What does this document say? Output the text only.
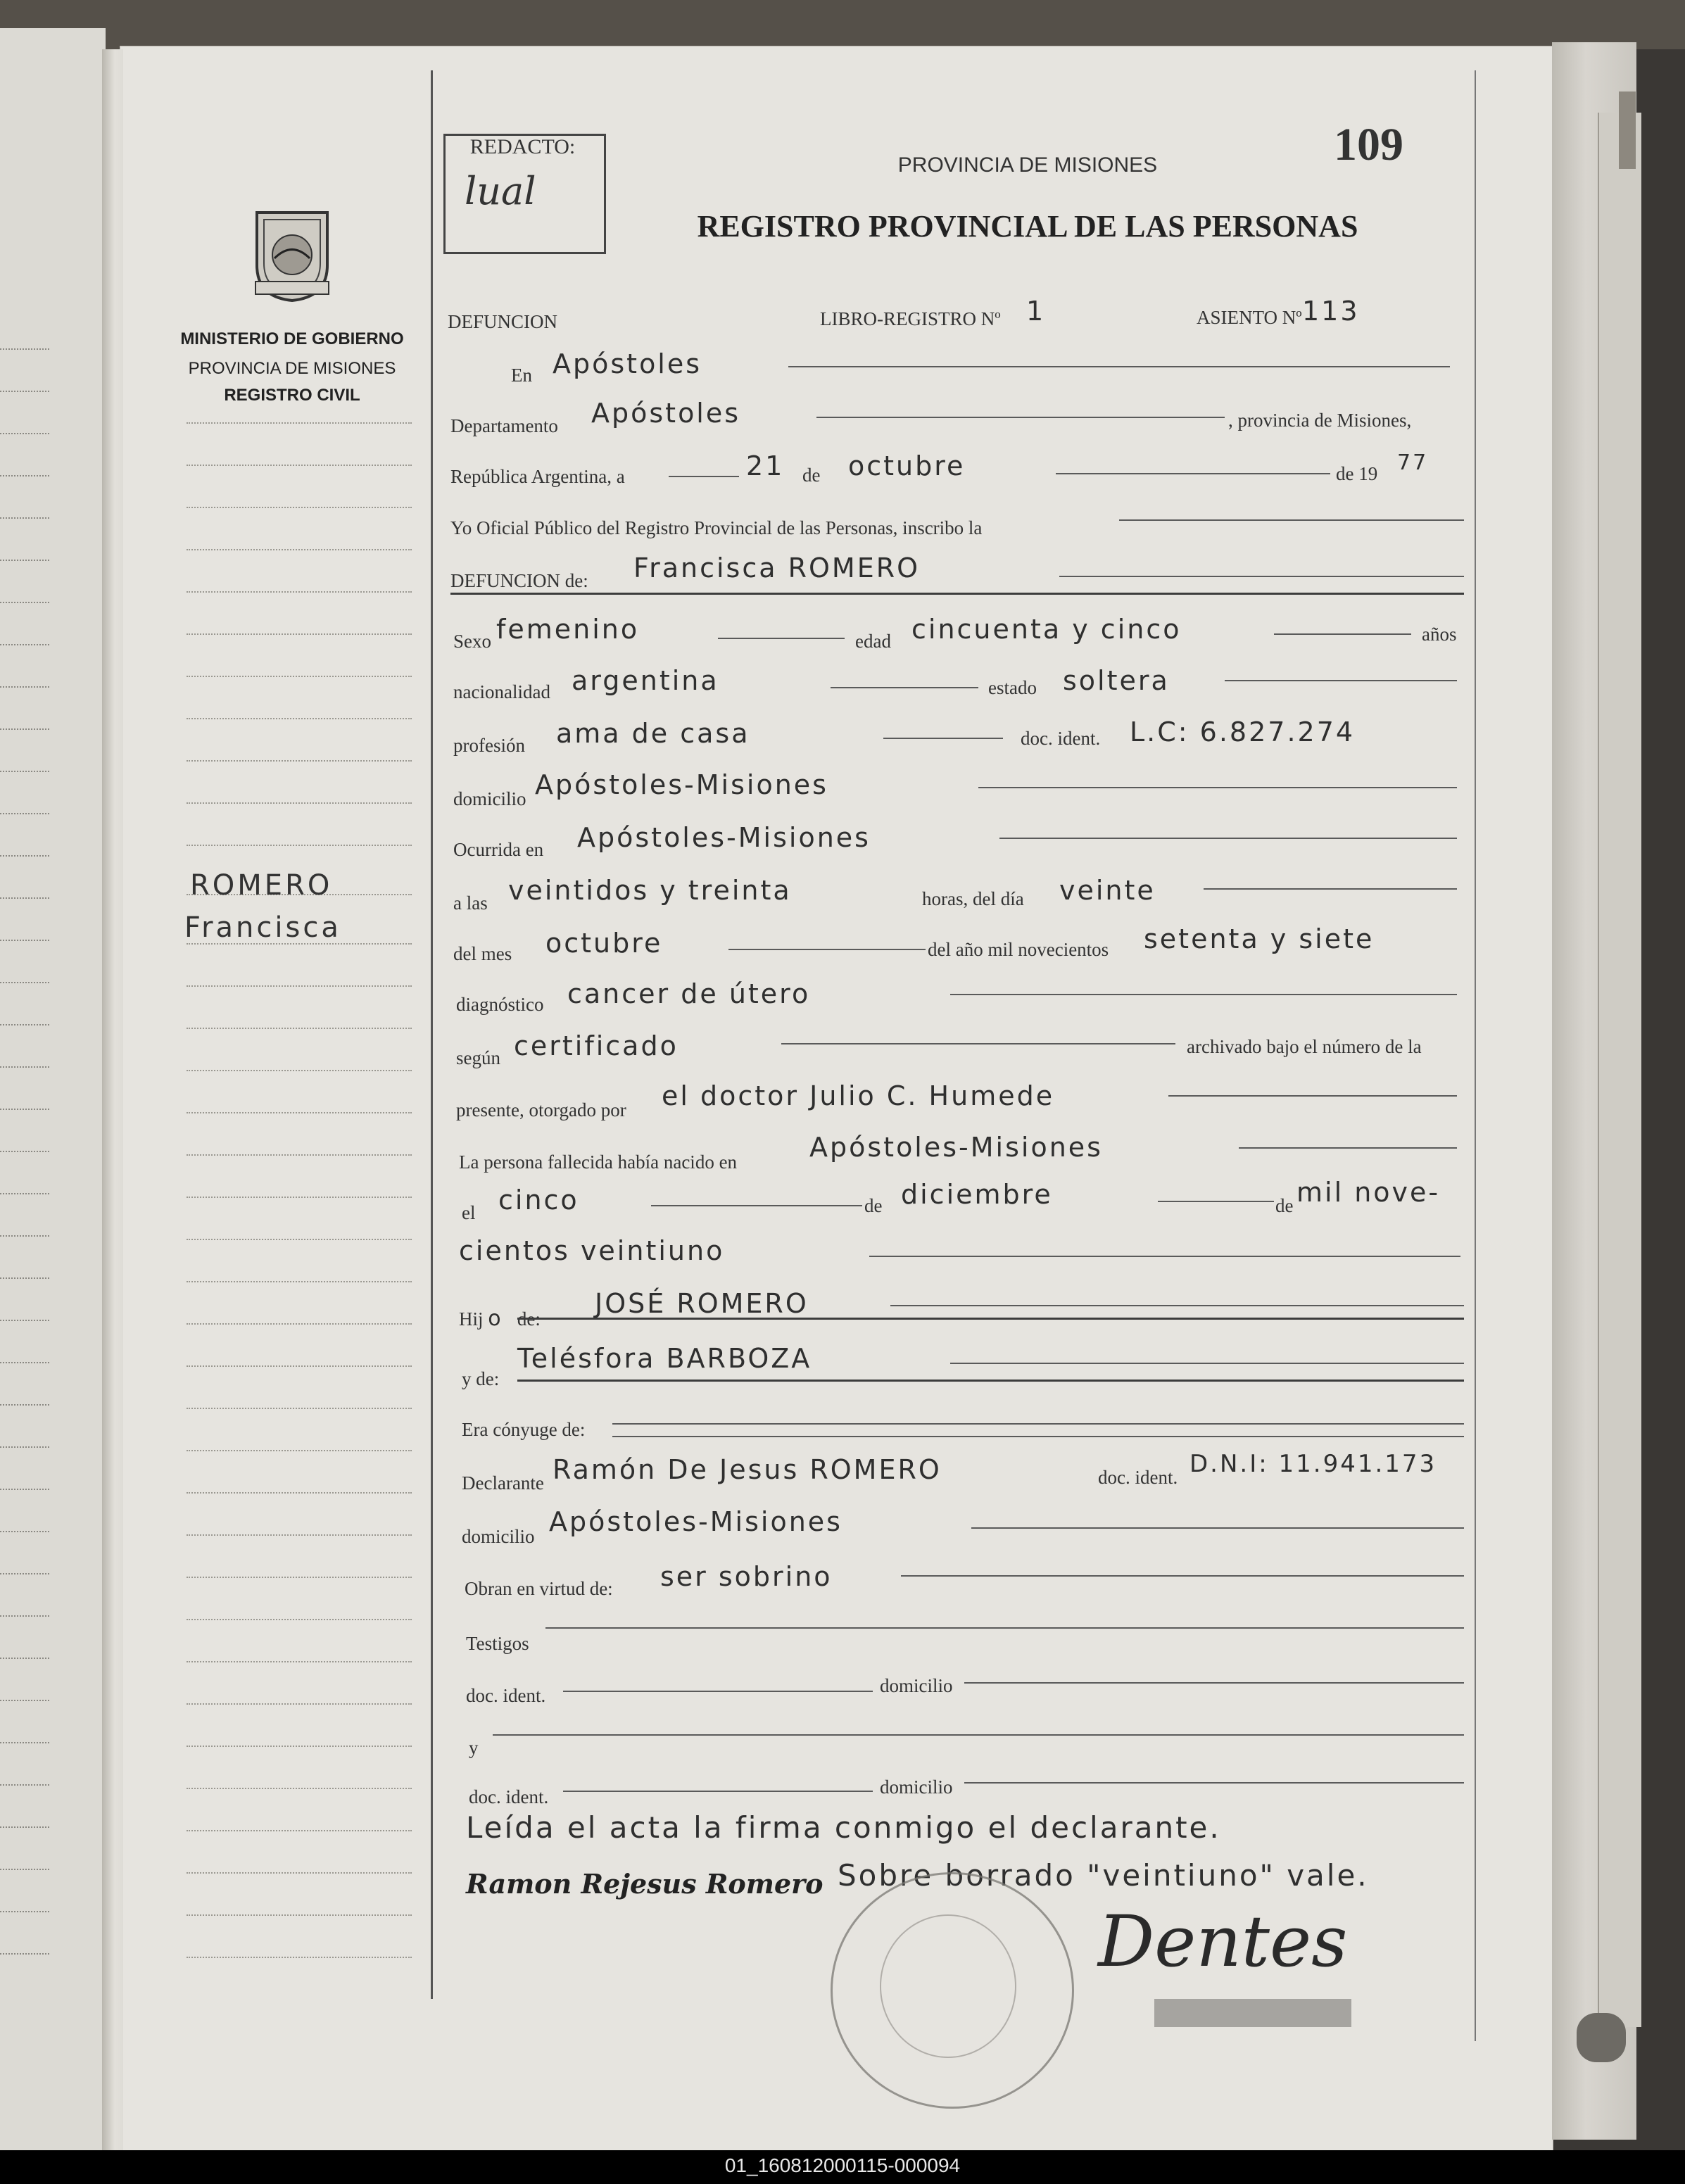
MINISTERIO DE GOBIERNO
PROVINCIA DE MISIONES
REGISTRO CIVIL
ROMERO
Francisca
REDACTO:
lual
109
PROVINCIA DE MISIONES
REGISTRO PROVINCIAL DE LAS PERSONAS
DEFUNCION	LIBRO-REGISTRO Nº 1	ASIENTO Nº 113
En Apóstoles
Departamento Apóstoles	, provincia de Misiones,
República Argentina, a	21 de octubre	de 19 77
Yo Oficial Público del Registro Provincial de las Personas, inscribo la
DEFUNCION de: Francisca ROMERO
Sexo femenino	edad cincuenta y cinco	años
nacionalidad argentina	estado soltera
profesión ama de casa	doc. ident. L.C: 6.827.274
domicilio Apóstoles-Misiones
Ocurrida en Apóstoles-Misiones
a las veintidos y treinta	horas, del día veinte
del mes octubre	del año mil novecientos setenta y siete
diagnóstico cancer de útero
según certificado	archivado bajo el número de la
presente, otorgado por el doctor Julio C. Humede
La persona fallecida había nacido en	Apóstoles-Misiones
el cinco	de diciembre	de mil nove-
cientos veintiuno
Hij o de: JOSÉ ROMERO
y de:
Telésfora BARBOZA
Era cónyuge de:
Declarante Ramón De Jesus ROMERO	doc. ident. D.N.I: 11.941.173
domicilio Apóstoles-Misiones
Obran en virtud de: ser sobrino
Testigos
doc. ident.	domicilio
y
doc. ident.	domicilio
Leída el acta la firma conmigo el declarante.
Ramon Rejesus Romero Sobre borrado "veintiuno" vale.
Dentes
01_160812000115-000094
